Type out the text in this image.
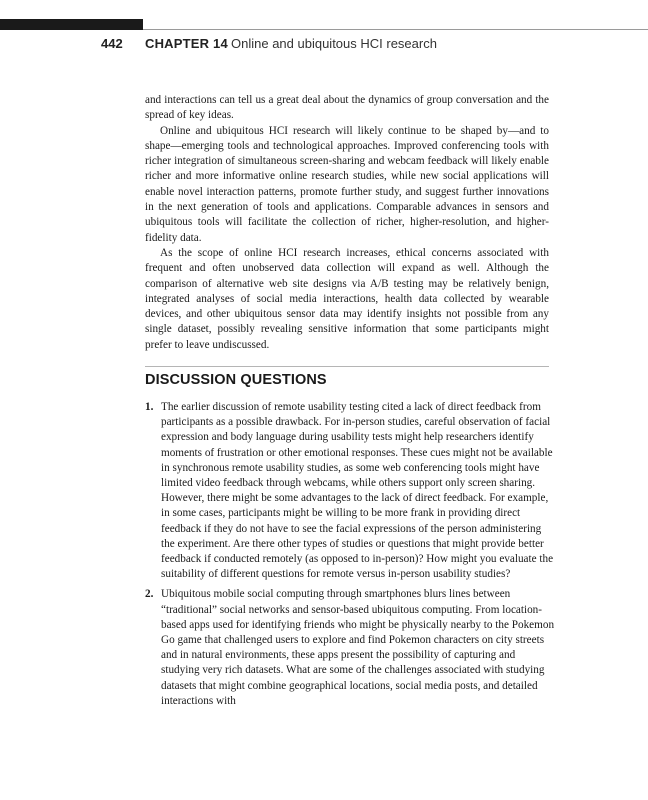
442 CHAPTER 14 Online and ubiquitous HCI research

and interactions can tell us a great deal about the dynamics of group conversation and the spread of key ideas.

Online and ubiquitous HCI research will likely continue to be shaped by—and to shape—emerging tools and technological approaches. Improved conferencing tools with richer integration of simultaneous screen-sharing and webcam feedback will likely enable richer and more informative online research studies, while new social applications will enable novel interaction patterns, promote further study, and suggest further innovations in the next generation of tools and applications. Comparable advances in sensors and ubiquitous tools will facilitate the collection of richer, higher-resolution, and higher-fidelity data.

As the scope of online HCI research increases, ethical concerns associated with frequent and often unobserved data collection will expand as well. Although the comparison of alternative web site designs via A/B testing may be relatively benign, integrated analyses of social media interactions, health data collected by wearable devices, and other ubiquitous sensor data may identify insights not possible from any single dataset, possibly revealing sensitive information that some participants might prefer to leave undiscussed.

DISCUSSION QUESTIONS
1. The earlier discussion of remote usability testing cited a lack of direct feedback from participants as a possible drawback. For in-person studies, careful observation of facial expression and body language during usability tests might help researchers identify moments of frustration or other emotional responses. These cues might not be available in synchronous remote usability studies, as some web conferencing tools might have limited video feedback through webcams, while others support only screen sharing. However, there might be some advantages to the lack of direct feedback. For example, in some cases, participants might be willing to be more frank in providing direct feedback if they do not have to see the facial expressions of the person administering the experiment. Are there other types of studies or questions that might provide better feedback if conducted remotely (as opposed to in-person)? How might you evaluate the suitability of different questions for remote versus in-person usability studies?
2. Ubiquitous mobile social computing through smartphones blurs lines between “traditional” social networks and sensor-based ubiquitous computing. From location-based apps used for identifying friends who might be physically nearby to the Pokemon Go game that challenged users to explore and find Pokemon characters on city streets and in natural environments, these apps present the possibility of capturing and studying very rich datasets. What are some of the challenges associated with studying datasets that might combine geographical locations, social media posts, and detailed interactions with
